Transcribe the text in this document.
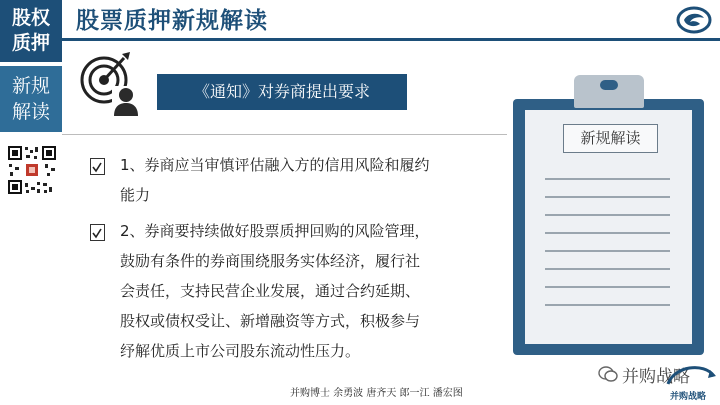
股权
质押
新规
解读
股票质押新规解读
《通知》对券商提出要求
1、券商应当审慎评估融入方的信用风险和履约
能力
2、券商要持续做好股票质押回购的风险管理，
鼓励有条件的券商围绕服务实体经济，履行社
会责任，支持民营企业发展，通过合约延期、
股权或债权受让、新增融资等方式，积极参与
纾解优质上市公司股东流动性压力。
新规解读
并购博士 余勇波 唐齐天 郎一江 潘宏图
并购战略
并购战略
